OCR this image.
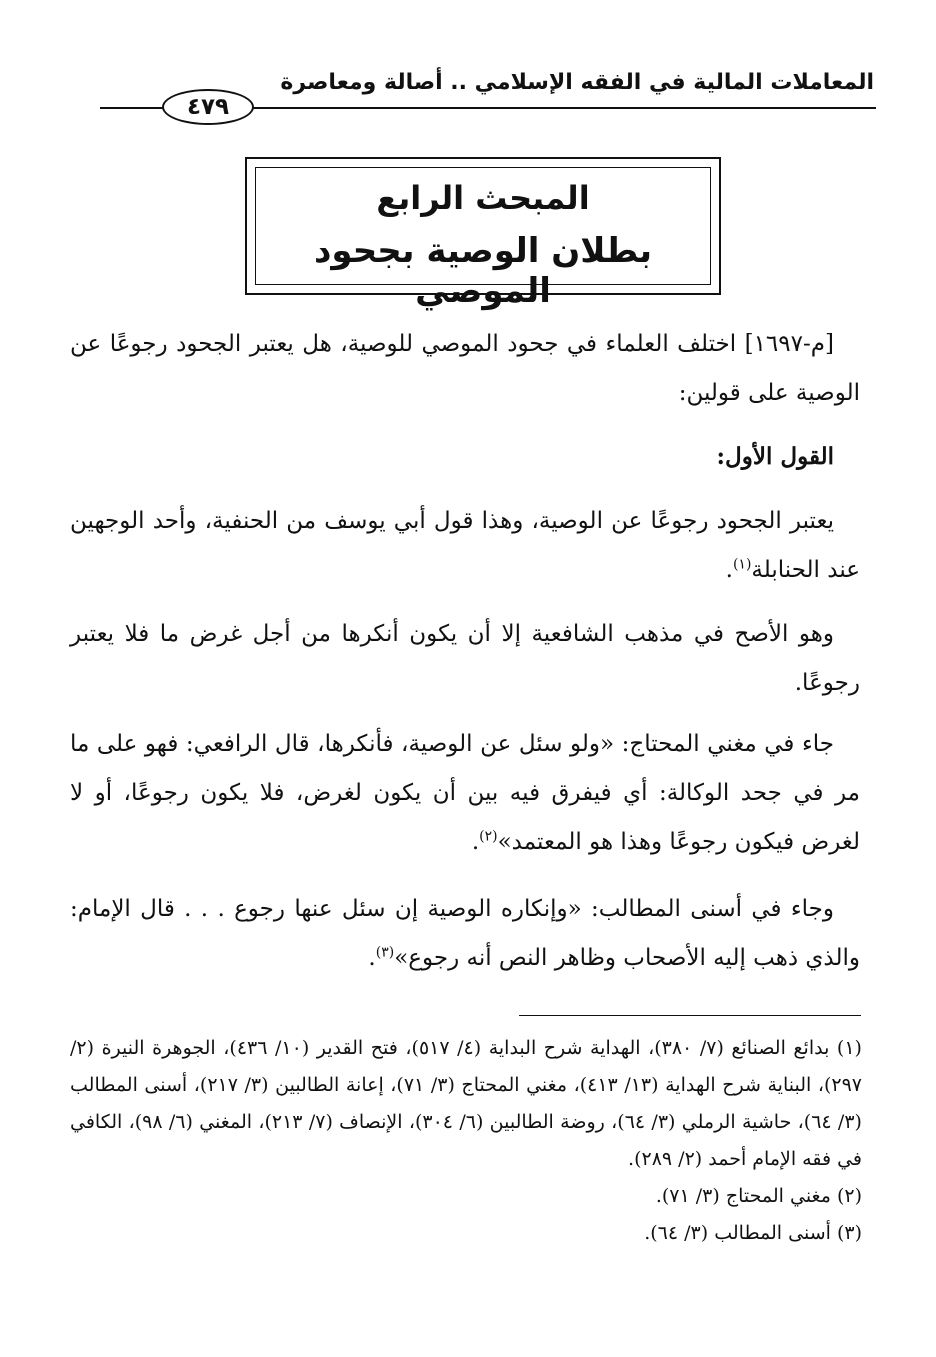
المعاملات المالية في الفقه الإسلامي .. أصالة ومعاصرة
٤٧٩
المبحث الرابع
بطلان الوصية بجحود الموصي

[م-١٦٩٧] اختلف العلماء في جحود الموصي للوصية، هل يعتبر الجحود رجوعًا عن الوصية على قولين:

القول الأول:

يعتبر الجحود رجوعًا عن الوصية، وهذا قول أبي يوسف من الحنفية، وأحد الوجهين عند الحنابلة$^{(١)}$.

وهو الأصح في مذهب الشافعية إلا أن يكون أنكرها من أجل غرض ما فلا يعتبر رجوعًا.

جاء في مغني المحتاج: «ولو سئل عن الوصية، فأنكرها، قال الرافعي: فهو على ما مر في جحد الوكالة: أي فيفرق فيه بين أن يكون لغرض، فلا يكون رجوعًا، أو لا لغرض فيكون رجوعًا وهذا هو المعتمد»$^{(٢)}$.

وجاء في أسنى المطالب: «وإنكاره الوصية إن سئل عنها رجوع . . . قال الإمام: والذي ذهب إليه الأصحاب وظاهر النص أنه رجوع»$^{(٣)}$.

(١) بدائع الصنائع (٧/ ٣٨٠)، الهداية شرح البداية (٤/ ٥١٧)، فتح القدير (١٠/ ٤٣٦)، الجوهرة النيرة (٢/ ٢٩٧)، البناية شرح الهداية (١٣/ ٤١٣)، مغني المحتاج (٣/ ٧١)، إعانة الطالبين (٣/ ٢١٧)، أسنى المطالب (٣/ ٦٤)، حاشية الرملي (٣/ ٦٤)، روضة الطالبين (٦/ ٣٠٤)، الإنصاف (٧/ ٢١٣)، المغني (٦/ ٩٨)، الكافي في فقه الإمام أحمد (٢/ ٢٨٩).

(٢) مغني المحتاج (٣/ ٧١).

(٣) أسنى المطالب (٣/ ٦٤).
